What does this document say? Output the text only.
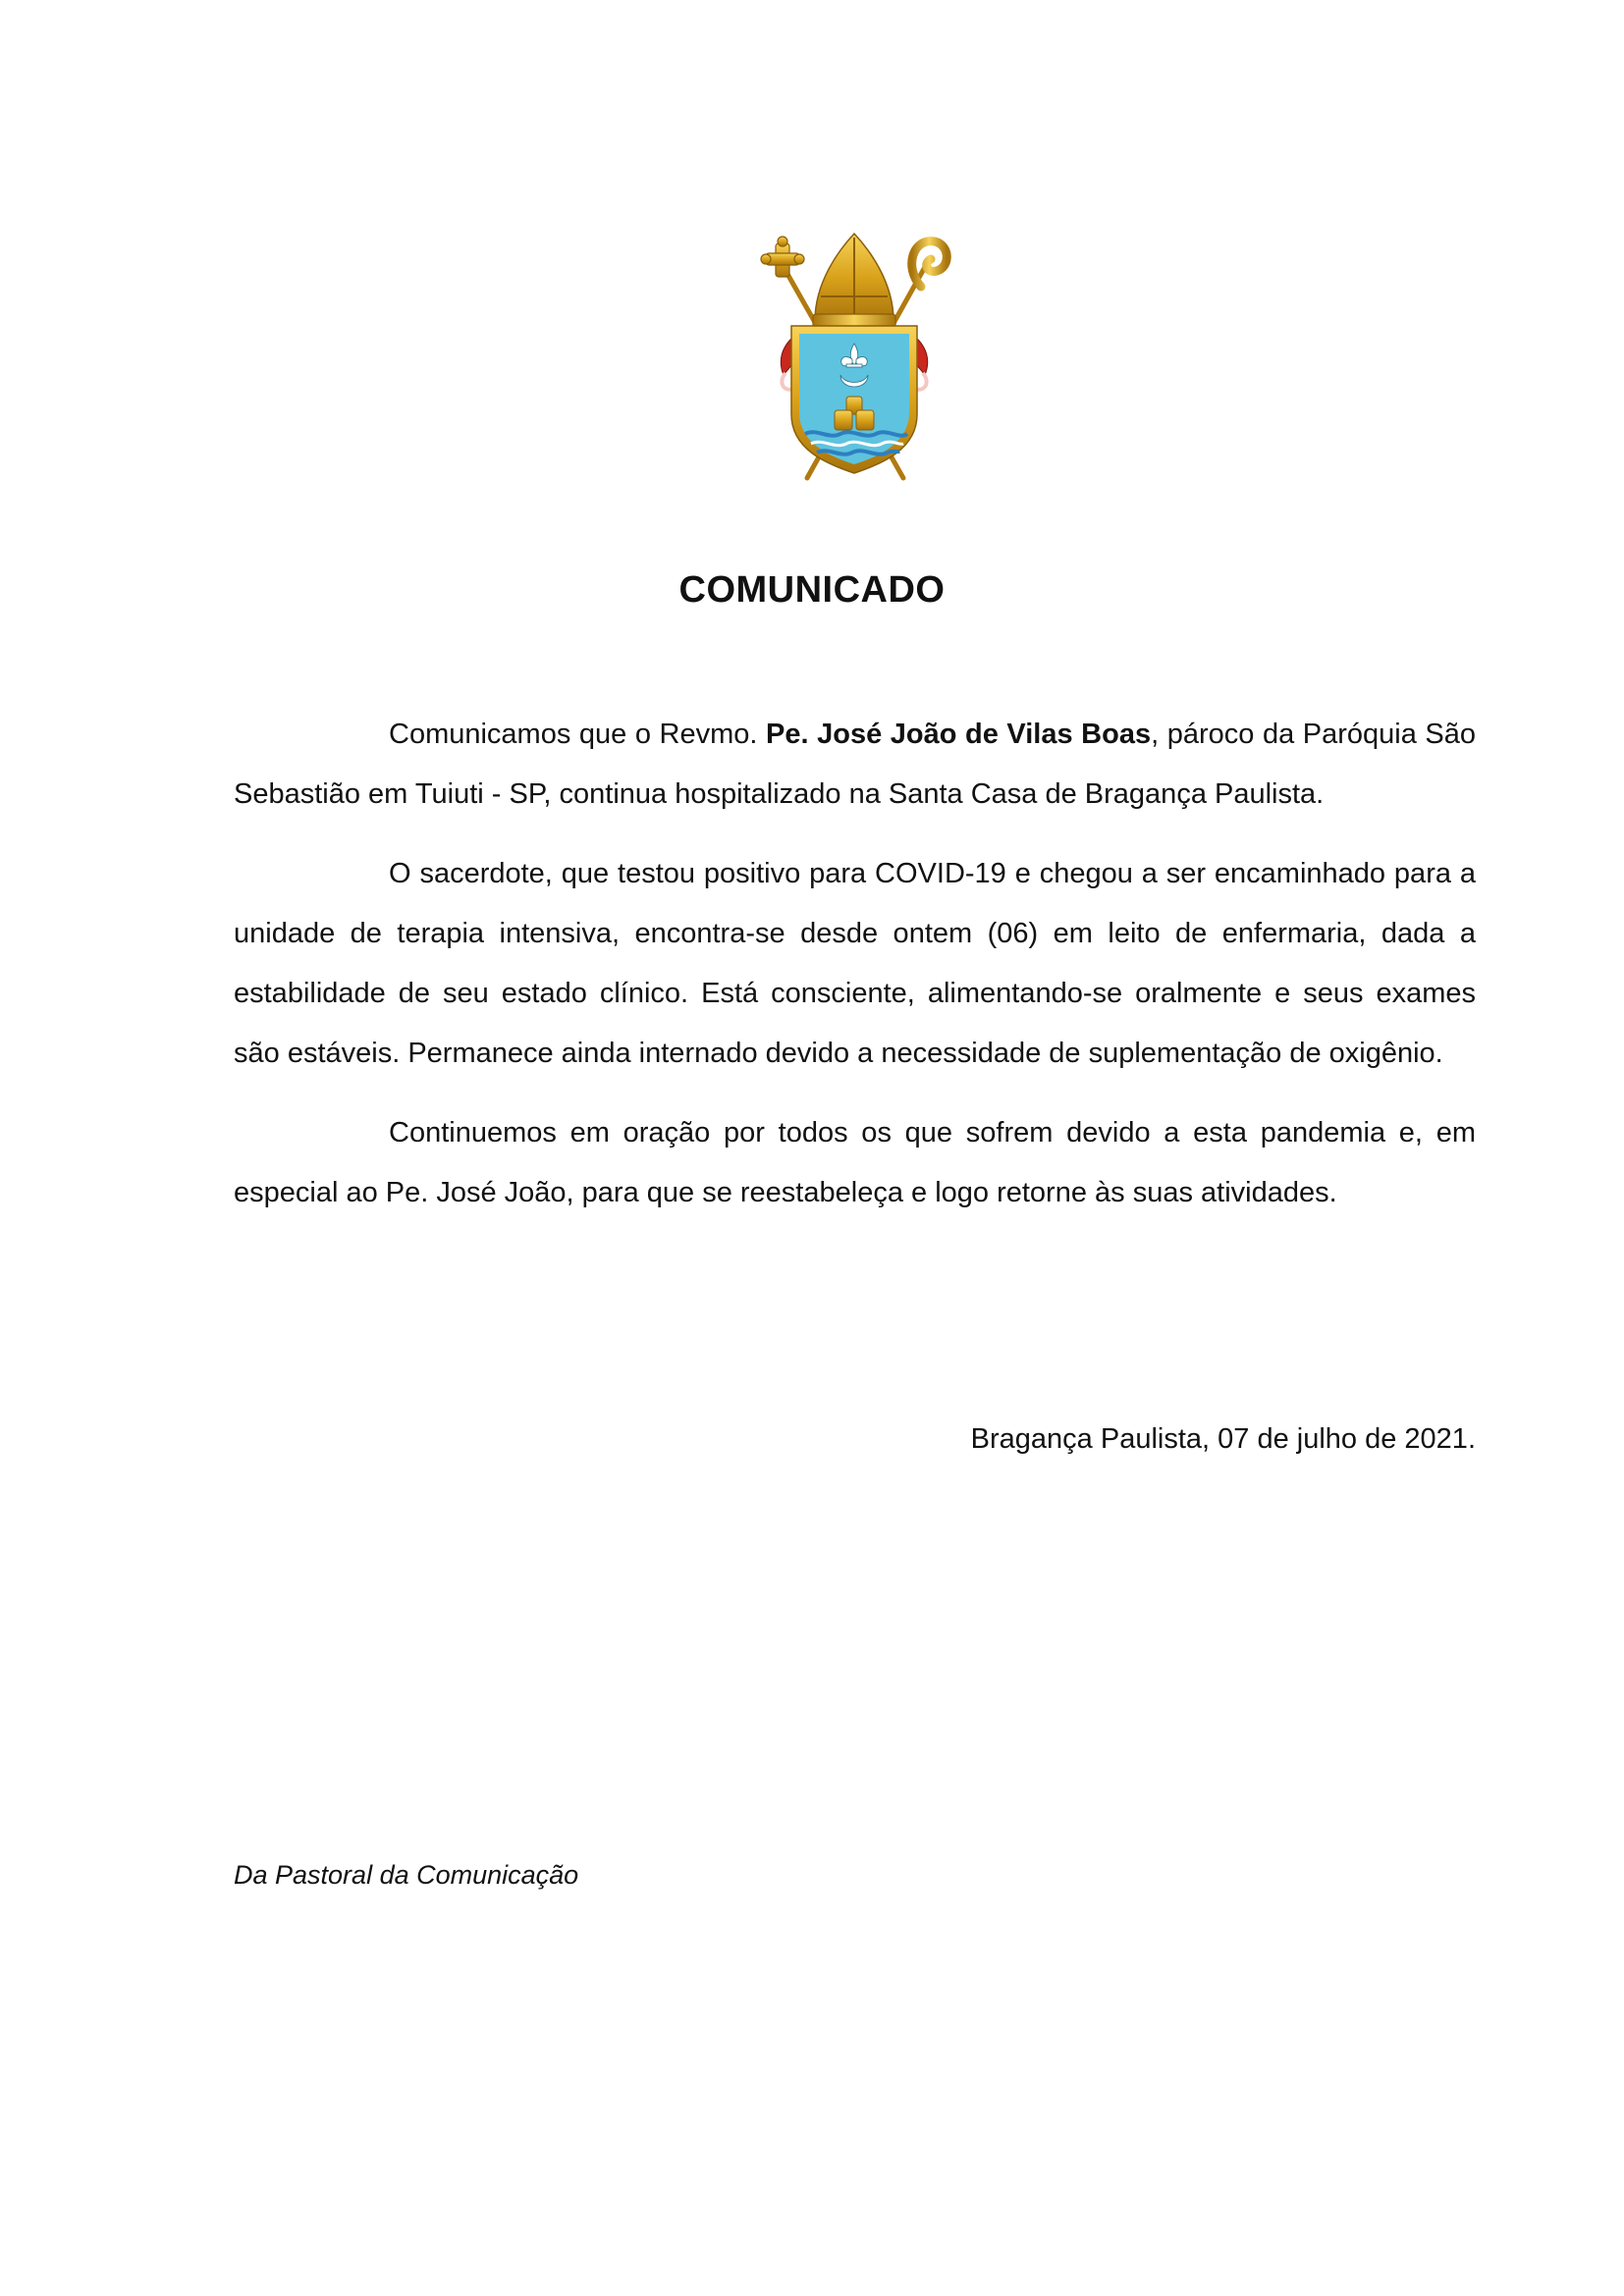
COMUNICADO

Comunicamos que o Revmo. Pe. José João de Vilas Boas, pároco da Paróquia São Sebastião em Tuiuti - SP, continua hospitalizado na Santa Casa de Bragança Paulista.

O sacerdote, que testou positivo para COVID-19 e chegou a ser encaminhado para a unidade de terapia intensiva, encontra-se desde ontem (06) em leito de enfermaria, dada a estabilidade de seu estado clínico. Está consciente, alimentando-se oralmente e seus exames são estáveis. Permanece ainda internado devido a necessidade de suplementação de oxigênio.

Continuemos em oração por todos os que sofrem devido a esta pandemia e, em especial ao Pe. José João, para que se reestabeleça e logo retorne às suas atividades.

Bragança Paulista, 07 de julho de 2021.
Da Pastoral da Comunicação
